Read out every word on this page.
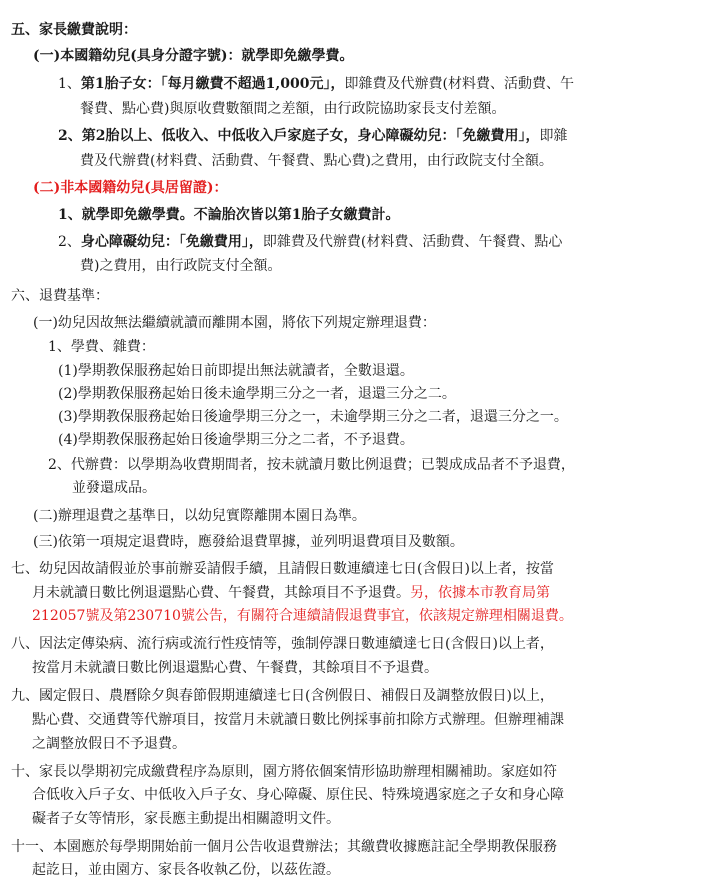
五、家長繳費說明：
(一)本國籍幼兒(具身分證字號)：就學即免繳學費。
1、第1胎子女：「每月繳費不超過1,000元」，即雜費及代辦費(材料費、活動費、午
餐費、點心費)與原收費數額間之差額，由行政院協助家長支付差額。
2、第2胎以上、低收入、中低收入戶家庭子女，身心障礙幼兒：「免繳費用」，即雜
費及代辦費(材料費、活動費、午餐費、點心費)之費用，由行政院支付全額。
(二)非本國籍幼兒(具居留證)：
1、就學即免繳學費。不論胎次皆以第1胎子女繳費計。
2、身心障礙幼兒：「免繳費用」，即雜費及代辦費(材料費、活動費、午餐費、點心
費)之費用，由行政院支付全額。
六、退費基準：
(一)幼兒因故無法繼續就讀而離開本園，將依下列規定辦理退費：
1、學費、雜費：
(1)學期教保服務起始日前即提出無法就讀者，全數退還。
(2)學期教保服務起始日後未逾學期三分之一者，退還三分之二。
(3)學期教保服務起始日後逾學期三分之一，未逾學期三分之二者，退還三分之一。
(4)學期教保服務起始日後逾學期三分之二者，不予退費。
2、代辦費：以學期為收費期間者，按未就讀月數比例退費；已製成成品者不予退費，
並發還成品。
(二)辦理退費之基準日，以幼兒實際離開本園日為準。
(三)依第一項規定退費時，應發給退費單據，並列明退費項目及數額。
七、幼兒因故請假並於事前辦妥請假手續，且請假日數連續達七日(含假日)以上者，按當
月未就讀日數比例退還點心費、午餐費，其餘項目不予退費。另，依據本市教育局第
212057號及第230710號公告，有關符合連續請假退費事宜，依該規定辦理相關退費。
八、因法定傳染病、流行病或流行性疫情等，強制停課日數連續達七日(含假日)以上者，
按當月未就讀日數比例退還點心費、午餐費，其餘項目不予退費。
九、國定假日、農曆除夕與春節假期連續達七日(含例假日、補假日及調整放假日)以上，
點心費、交通費等代辦項目，按當月未就讀日數比例採事前扣除方式辦理。但辦理補課
之調整放假日不予退費。
十、家長以學期初完成繳費程序為原則，園方將依個案情形協助辦理相關補助。家庭如符
合低收入戶子女、中低收入戶子女、身心障礙、原住民、特殊境遇家庭之子女和身心障
礙者子女等情形，家長應主動提出相關證明文件。
十一、本園應於每學期開始前一個月公告收退費辦法；其繳費收據應註記全學期教保服務
起訖日，並由園方、家長各收執乙份，以茲佐證。
